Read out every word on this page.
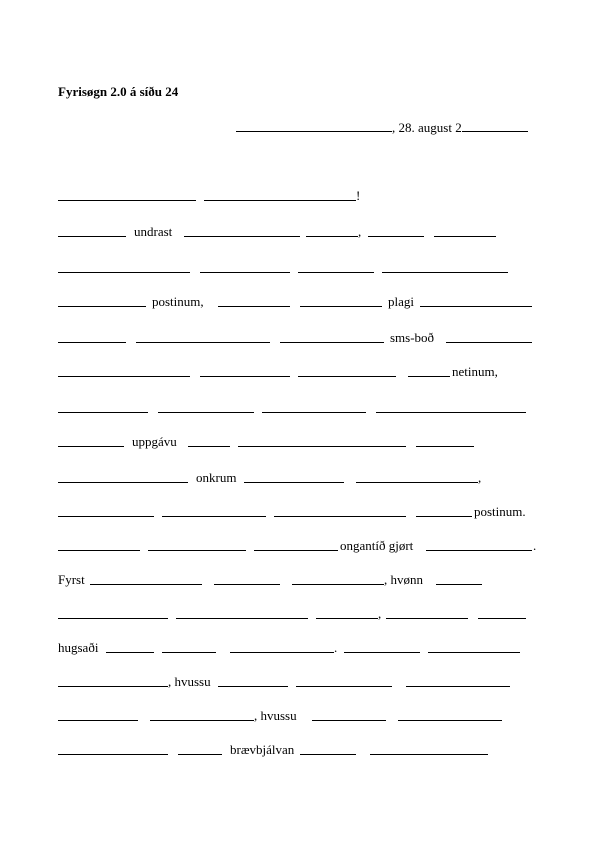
Fyrisøgn 2.0 á síðu 24
, 28. august 2
!
undrast	,
postinum,	plagi
sms-boð
netinum,
uppgávu
onkrum	,
postinum.
ongantíð gjørt	.
Fyrst	, hvønn
,
hugsaði	.
, hvussu
, hvussu
brævbjálvan
